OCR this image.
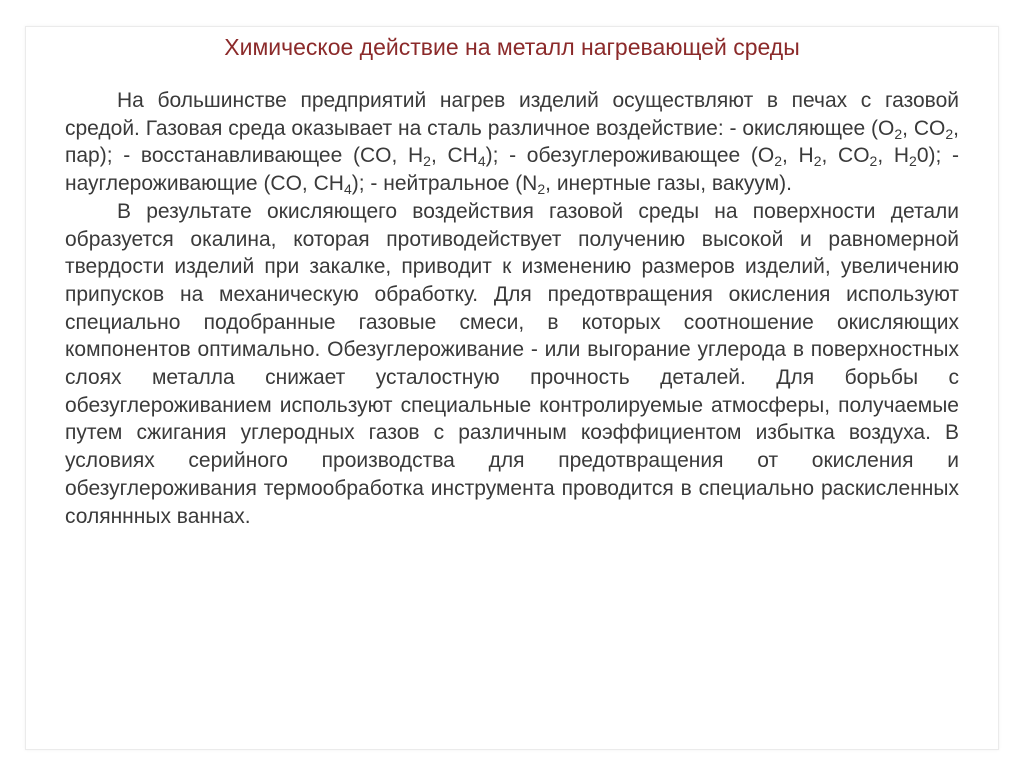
Химическое действие на металл нагревающей среды

На большинстве предприятий нагрев изделий осуществляют в печах с газовой средой. Газовая среда оказывает на сталь различное воздействие: - окисляющее ($O_2$, $CO_2$, пар); - восстанавливающее (CO, $H_2$, $CH_4$); - обезуглероживающее ($O_2$, $H_2$, $CO_2$, $H_20$); - науглероживающие (CO, $CH_4$); - нейтральное ($N_2$, инертные газы, вакуум).

В результате окисляющего воздействия газовой среды на поверхности детали образуется окалина, которая противодействует получению высокой и равномерной твердости изделий при закалке, приводит к изменению размеров изделий, увеличению припусков на механическую обработку. Для предотвращения окисления используют специально подобранные газовые смеси, в которых соотношение окисляющих компонентов оптимально. Обезуглероживание - или выгорание углерода в поверхностных слоях металла снижает усталостную прочность деталей. Для борьбы с обезуглероживанием используют специальные контролируемые атмосферы, получаемые путем сжигания углеродных газов с различным коэффициентом избытка воздуха. В условиях серийного производства для предотвращения от окисления и обезуглероживания термообработка инструмента проводится в специально раскисленных соляннных ваннах.
